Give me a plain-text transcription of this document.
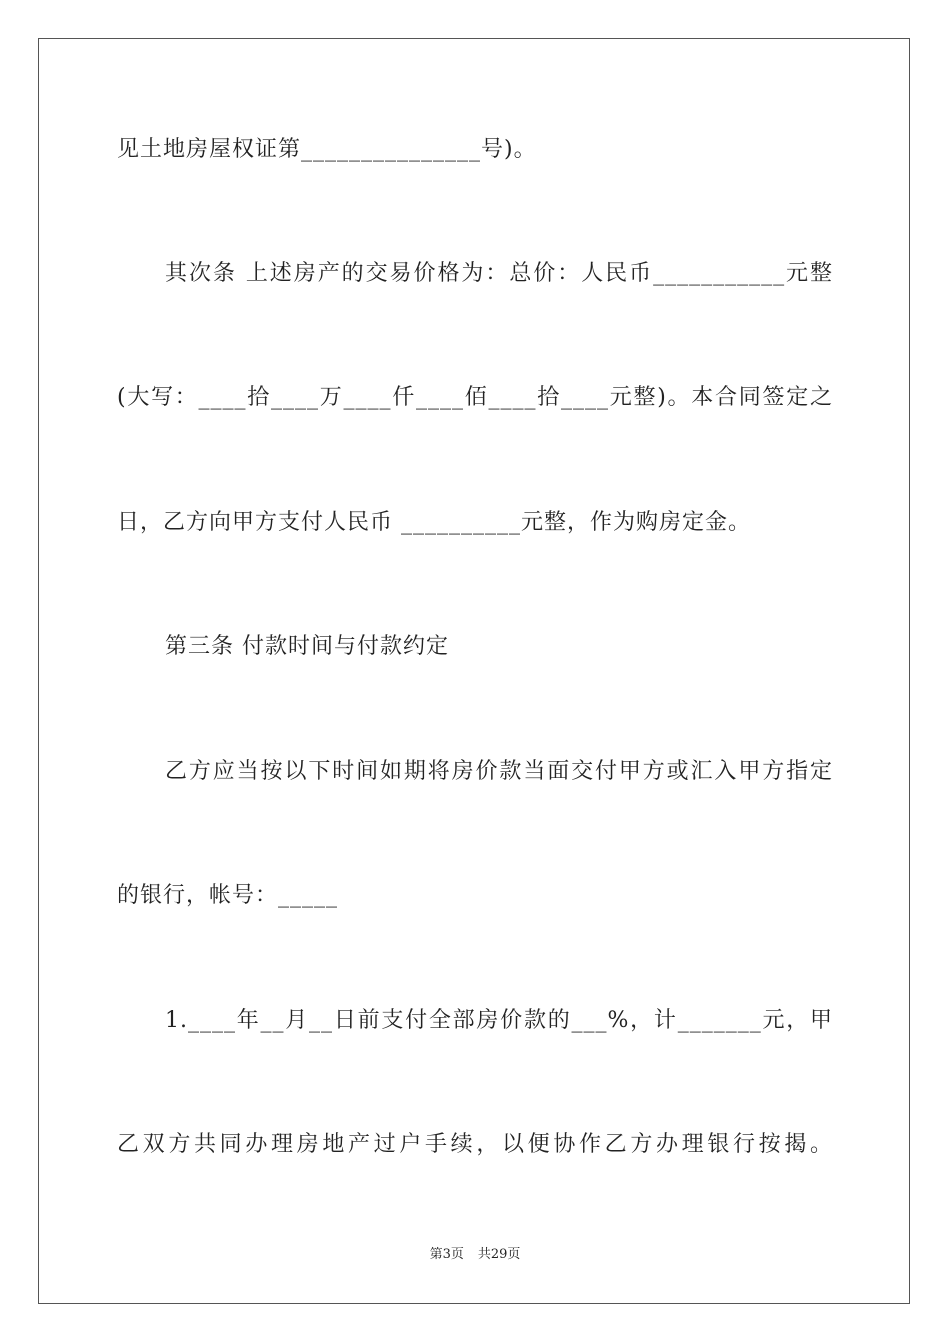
见土地房屋权证第_______________号)。
其次条 上述房产的交易价格为：总价：人民币___________元整
(大写：____拾____万____仟____佰____拾____元整)。本合同签定之
日，乙方向甲方支付人民币 __________元整，作为购房定金。
第三条 付款时间与付款约定
乙方应当按以下时间如期将房价款当面交付甲方或汇入甲方指定
的银行，帐号：_____
1.____年__月__日前支付全部房价款的___%，计_______元，甲
乙双方共同办理房地产过户手续，以便协作乙方办理银行按揭。
第3页 共29页
